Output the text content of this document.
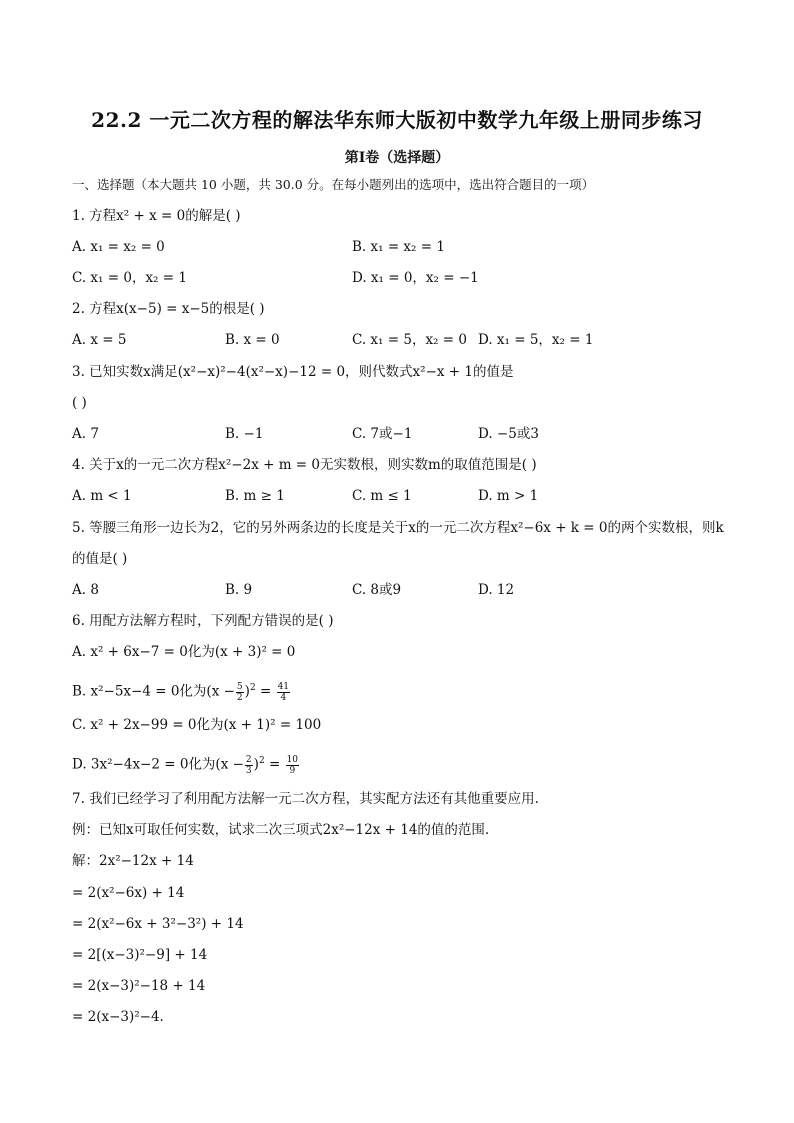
22.2 一元二次方程的解法华东师大版初中数学九年级上册同步练习
第Ⅰ卷（选择题）
一、选择题（本大题共 10 小题，共 30.0 分。在每小题列出的选项中，选出符合题目的一项）
1. 方程x² + x = 0的解是( )
A. x₁ = x₂ = 0	B. x₁ = x₂ = 1
C. x₁ = 0，x₂ = 1	D. x₁ = 0，x₂ = −1
2. 方程x(x−5) = x−5的根是( )
A. x = 5	B. x = 0	C. x₁ = 5，x₂ = 0 D. x₁ = 5，x₂ = 1
3. 已知实数x满足(x²−x)²−4(x²−x)−12 = 0，则代数式x²−x + 1的值是
( )
A. 7	B. −1	C. 7或−1	D. −5或3
4. 关于x的一元二次方程x²−2x + m = 0无实数根，则实数m的取值范围是( )
A. m < 1	B. m ≥ 1	C. m ≤ 1	D. m > 1
5. 等腰三角形一边长为2，它的另外两条边的长度是关于x的一元二次方程x²−6x + k = 0的两个实数根，则k
的值是( )
A. 8	B. 9	C. 8或9	D. 12
6. 用配方法解方程时，下列配方错误的是( )
A. x² + 6x−7 = 0化为(x + 3)² = 0
B. x²−5x−4 = 0化为$(x - \frac{5}{2} )^2 = \frac{41}{4}$
C. x² + 2x−99 = 0化为(x + 1)² = 100
D. 3x²−4x−2 = 0化为$(x - \frac{2}{3} )^2 = \frac{10}{9}$
7. 我们已经学习了利用配方法解一元二次方程，其实配方法还有其他重要应用.
例：已知x可取任何实数，试求二次三项式2x²−12x + 14的值的范围.
解：2x²−12x + 14
= 2(x²−6x) + 14
= 2(x²−6x + 3²−3²) + 14
= 2[(x−3)²−9] + 14
= 2(x−3)²−18 + 14
= 2(x−3)²−4.
